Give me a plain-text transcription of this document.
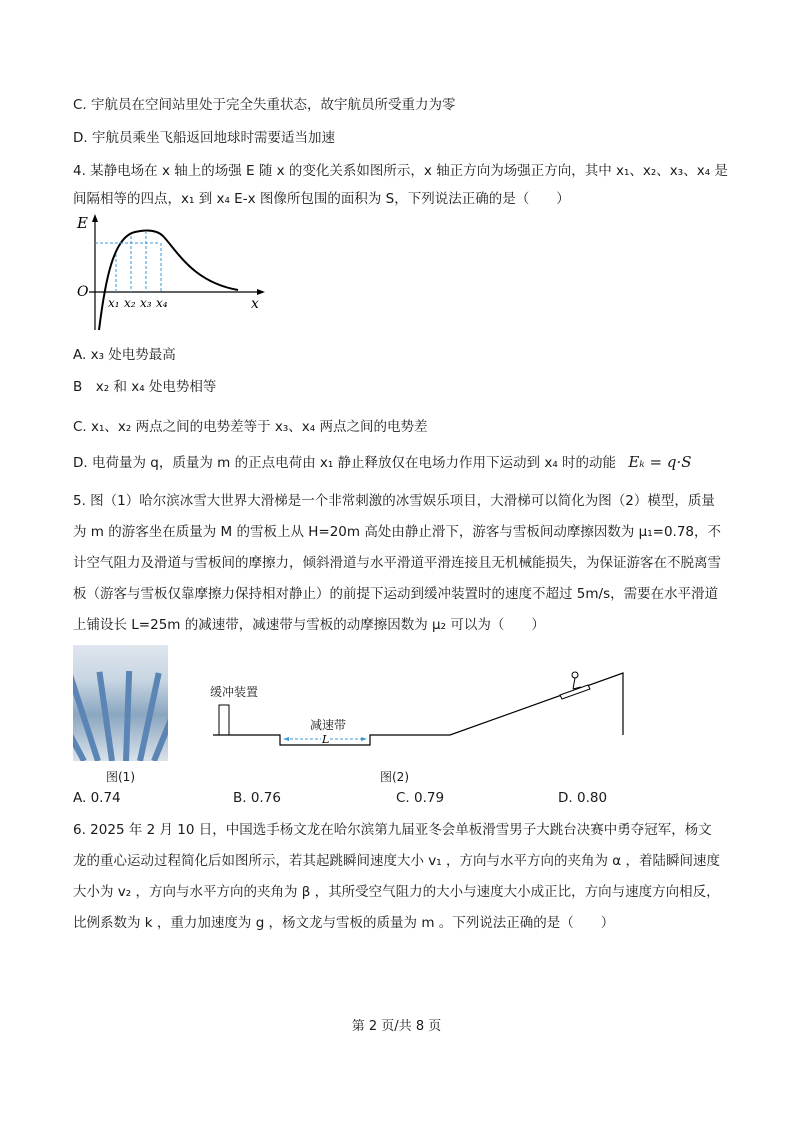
C. 宇航员在空间站里处于完全失重状态，故宇航员所受重力为零
D. 宇航员乘坐飞船返回地球时需要适当加速
4. 某静电场在 x 轴上的场强 E 随 x 的变化关系如图所示，x 轴正方向为场强正方向，其中 x₁、x₂、x₃、x₄ 是
间隔相等的四点，x₁ 到 x₄ E-x 图像所包围的面积为 S，下列说法正确的是（　　）
E
O
x
x₁ x₂ x₃ x₄
A. x₃ 处电势最高
B　x₂ 和 x₄ 处电势相等
C. x₁、x₂ 两点之间的电势差等于 x₃、x₄ 两点之间的电势差
D. 电荷量为 q，质量为 m 的正点电荷由 x₁ 静止释放仅在电场力作用下运动到 x₄ 时的动能 Eₖ = q·S
5. 图（1）哈尔滨冰雪大世界大滑梯是一个非常刺激的冰雪娱乐项目，大滑梯可以简化为图（2）模型，质量为 m 的游客坐在质量为 M 的雪板上从 H=20m 高处由静止滑下，游客与雪板间动摩擦因数为 μ₁=0.78，不计空气阻力及滑道与雪板间的摩擦力，倾斜滑道与水平滑道平滑连接且无机械能损失，为保证游客在不脱离雪板（游客与雪板仅靠摩擦力保持相对静止）的前提下运动到缓冲装置时的速度不超过 5m/s，需要在水平滑道上铺设长 L=25m 的减速带，减速带与雪板的动摩擦因数为 μ₂ 可以为（　　）
图(1)
L
缓冲装置
减速带
图(2)
A. 0.74	B. 0.76	C. 0.79	D. 0.80
6. 2025 年 2 月 10 日，中国选手杨文龙在哈尔滨第九届亚冬会单板滑雪男子大跳台决赛中勇夺冠军，杨文龙的重心运动过程简化后如图所示，若其起跳瞬间速度大小 v₁ ，方向与水平方向的夹角为 α ，着陆瞬间速度大小为 v₂ ，方向与水平方向的夹角为 β ，其所受空气阻力的大小与速度大小成正比，方向与速度方向相反，比例系数为 k ，重力加速度为 g ，杨文龙与雪板的质量为 m 。下列说法正确的是（　　）
第 2 页/共 8 页
